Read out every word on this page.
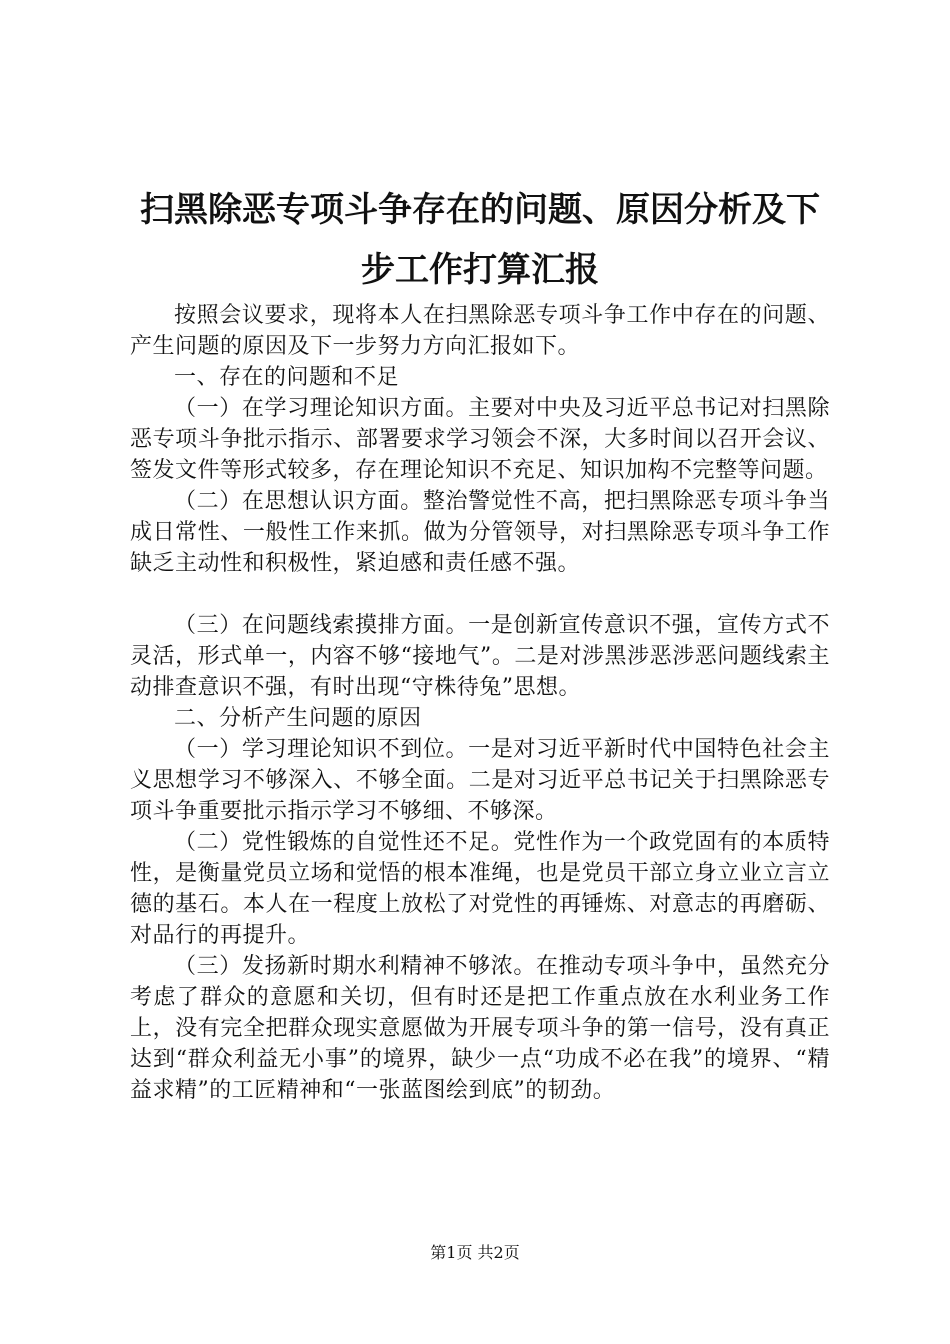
扫黑除恶专项斗争存在的问题、原因分析及下
步工作打算汇报

按照会议要求，现将本人在扫黑除恶专项斗争工作中存在的问题、产生问题的原因及下一步努力方向汇报如下。

一、存在的问题和不足

（一）在学习理论知识方面。主要对中央及习近平总书记对扫黑除恶专项斗争批示指示、部署要求学习领会不深，大多时间以召开会议、签发文件等形式较多，存在理论知识不充足、知识加构不完整等问题。

（二）在思想认识方面。整治警觉性不高，把扫黑除恶专项斗争当成日常性、一般性工作来抓。做为分管领导，对扫黑除恶专项斗争工作缺乏主动性和积极性，紧迫感和责任感不强。

（三）在问题线索摸排方面。一是创新宣传意识不强，宣传方式不灵活，形式单一，内容不够“接地气”。二是对涉黑涉恶涉恶问题线索主动排查意识不强，有时出现“守株待兔”思想。

二、分析产生问题的原因

（一）学习理论知识不到位。一是对习近平新时代中国特色社会主义思想学习不够深入、不够全面。二是对习近平总书记关于扫黑除恶专项斗争重要批示指示学习不够细、不够深。

（二）党性锻炼的自觉性还不足。党性作为一个政党固有的本质特性，是衡量党员立场和觉悟的根本准绳，也是党员干部立身立业立言立德的基石。本人在一程度上放松了对党性的再锤炼、对意志的再磨砺、对品行的再提升。

（三）发扬新时期水利精神不够浓。在推动专项斗争中，虽然充分考虑了群众的意愿和关切，但有时还是把工作重点放在水利业务工作上，没有完全把群众现实意愿做为开展专项斗争的第一信号，没有真正达到“群众利益无小事”的境界，缺少一点“功成不必在我”的境界、“精益求精”的工匠精神和“一张蓝图绘到底”的韧劲。

第1页 共2页
